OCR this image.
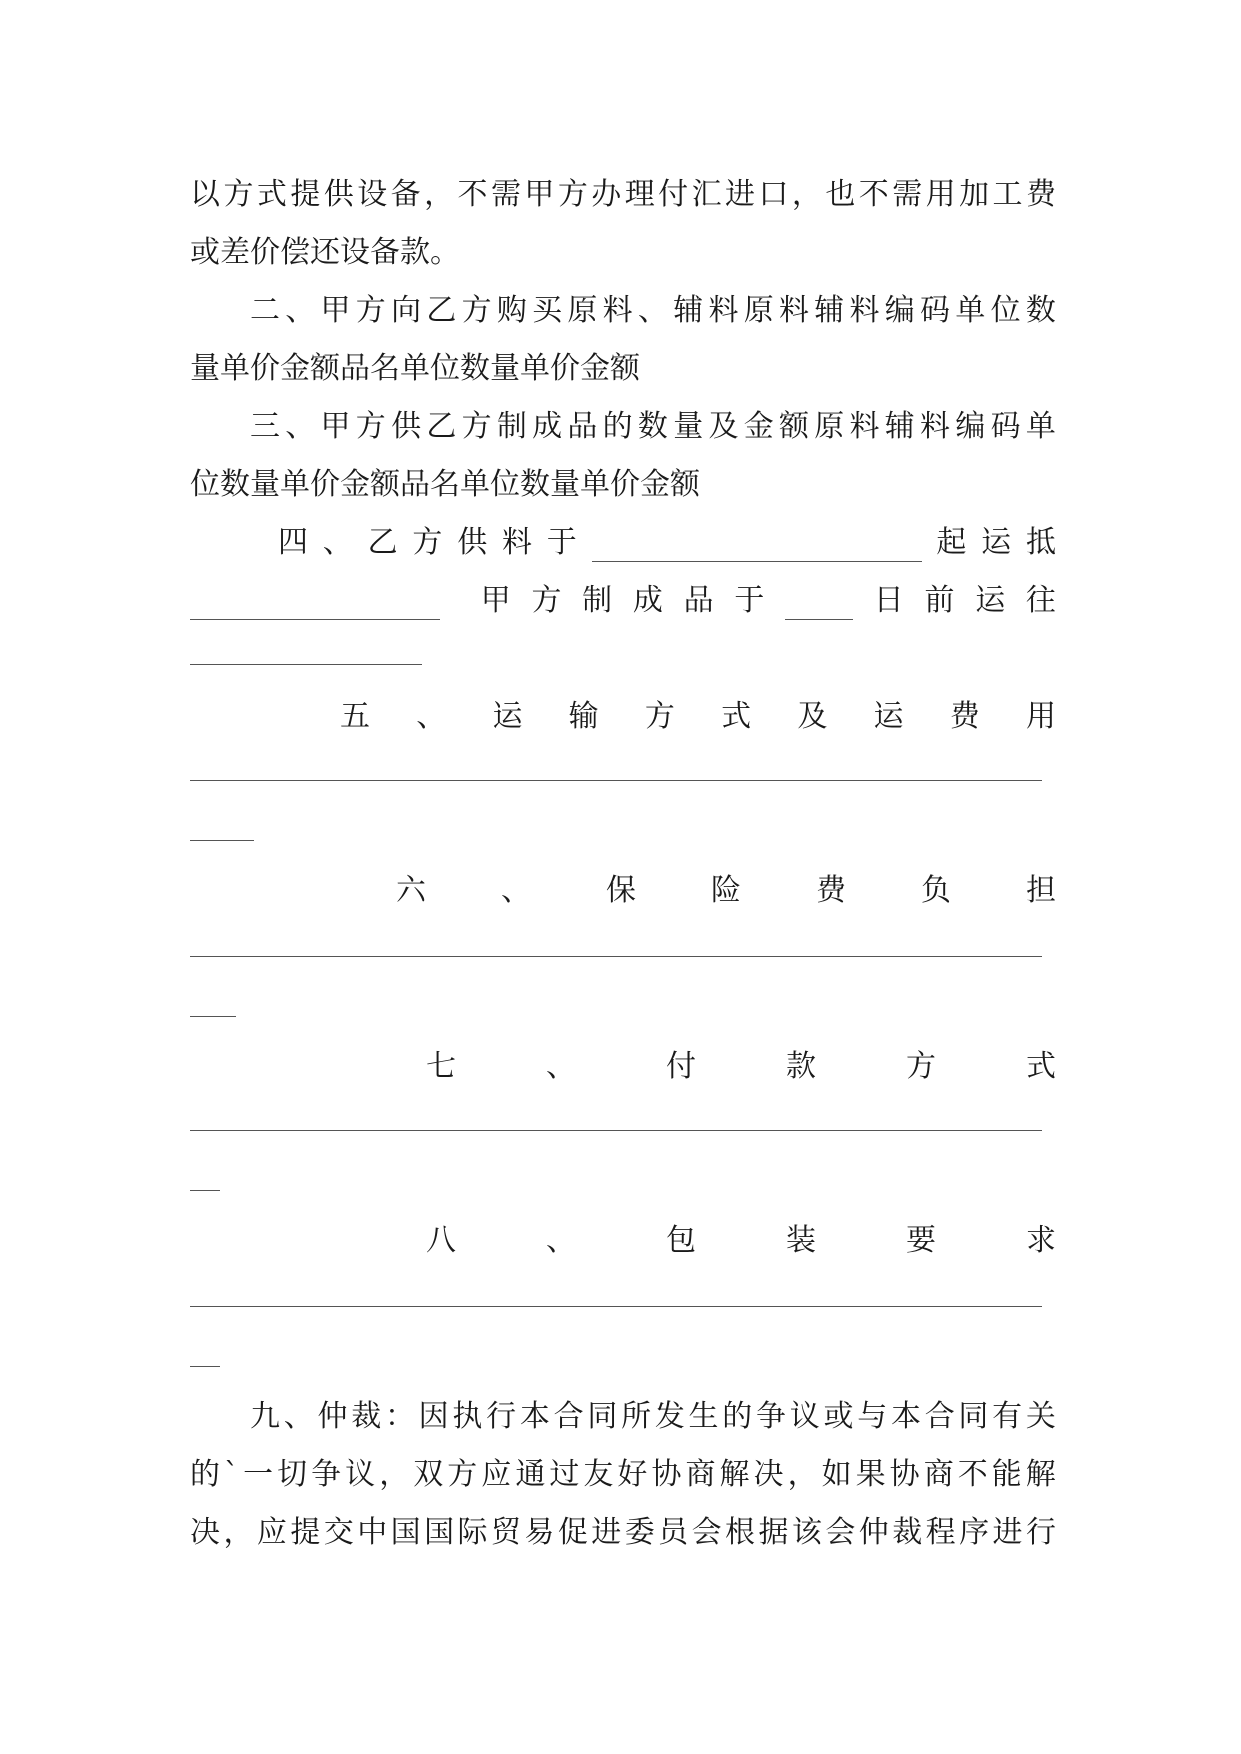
以 方 式 提 供 设 备 ， 不 需 甲 方 办 理 付 汇 进 口 ， 也 不 需 用 加 工 费
或差价偿还设备款。
二 、 甲 方 向 乙 方 购 买 原 料 、 辅 料 原 料 辅 料 编 码 单 位 数
量单价金额品名单位数量单价金额
三 、 甲 方 供 乙 方 制 成 品 的 数 量 及 金 额 原 料 辅 料 编 码 单
位数量单价金额品名单位数量单价金额
四 、 乙 方 供 料 于	起 运 抵
甲 方 制 成 品 于	日 前 运 往
五 、 运 输 方 式 及 运 费 用
六	、	保	险	费	负	担
七	、	付	款	方	式
八	、	包	装	要	求
九 、 仲 裁 ： 因 执 行 本 合 同 所 发 生 的 争 议 或 与 本 合 同 有 关
的 ` 一 切 争 议 ， 双 方 应 通 过 友 好 协 商 解 决 ， 如 果 协 商 不 能 解
决 ， 应 提 交 中 国 国 际 贸 易 促 进 委 员 会 根 据 该 会 仲 裁 程 序 进 行
